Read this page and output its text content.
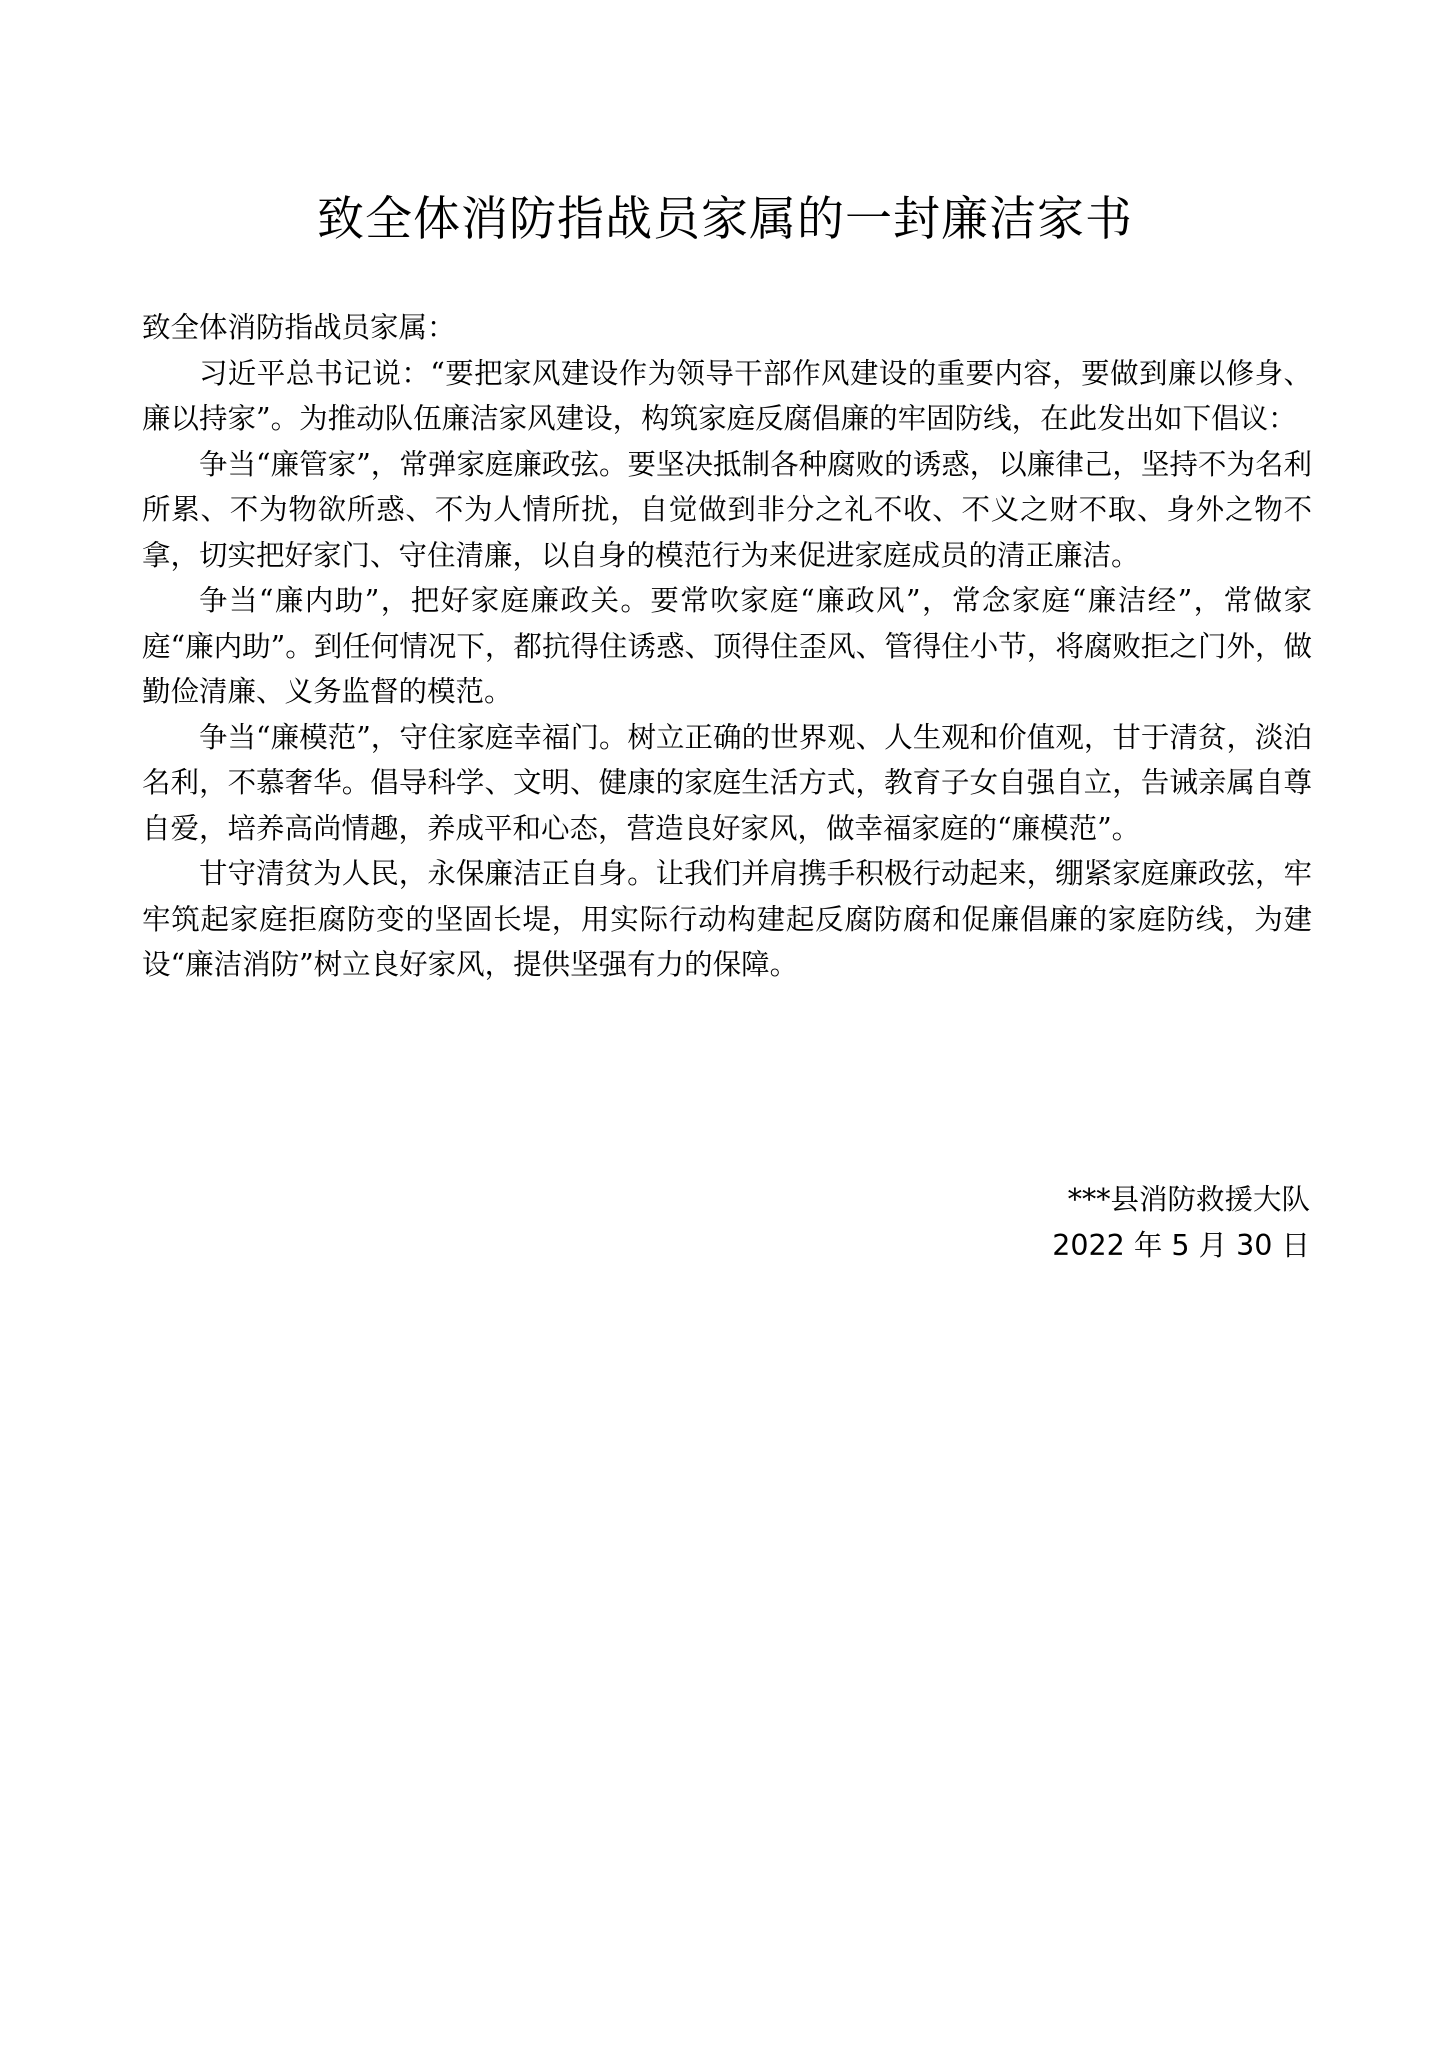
致全体消防指战员家属的一封廉洁家书

致全体消防指战员家属：

习近平总书记说：“要把家风建设作为领导干部作风建设的重要内容，要做到廉以修身、廉以持家”。为推动队伍廉洁家风建设，构筑家庭反腐倡廉的牢固防线，在此发出如下倡议：

争当“廉管家”，常弹家庭廉政弦。要坚决抵制各种腐败的诱惑，以廉律己，坚持不为名利所累、不为物欲所惑、不为人情所扰，自觉做到非分之礼不收、不义之财不取、身外之物不拿，切实把好家门、守住清廉，以自身的模范行为来促进家庭成员的清正廉洁。

争当“廉内助”，把好家庭廉政关。要常吹家庭“廉政风”，常念家庭“廉洁经”，常做家庭“廉内助”。到任何情况下，都抗得住诱惑、顶得住歪风、管得住小节，将腐败拒之门外，做勤俭清廉、义务监督的模范。

争当“廉模范”，守住家庭幸福门。树立正确的世界观、人生观和价值观，甘于清贫，淡泊名利，不慕奢华。倡导科学、文明、健康的家庭生活方式，教育子女自强自立，告诫亲属自尊自爱，培养高尚情趣，养成平和心态，营造良好家风，做幸福家庭的“廉模范”。

甘守清贫为人民，永保廉洁正自身。让我们并肩携手积极行动起来，绷紧家庭廉政弦，牢牢筑起家庭拒腐防变的坚固长堤，用实际行动构建起反腐防腐和促廉倡廉的家庭防线，为建设“廉洁消防”树立良好家风，提供坚强有力的保障。

***县消防救援大队
2022 年 5 月 30 日
